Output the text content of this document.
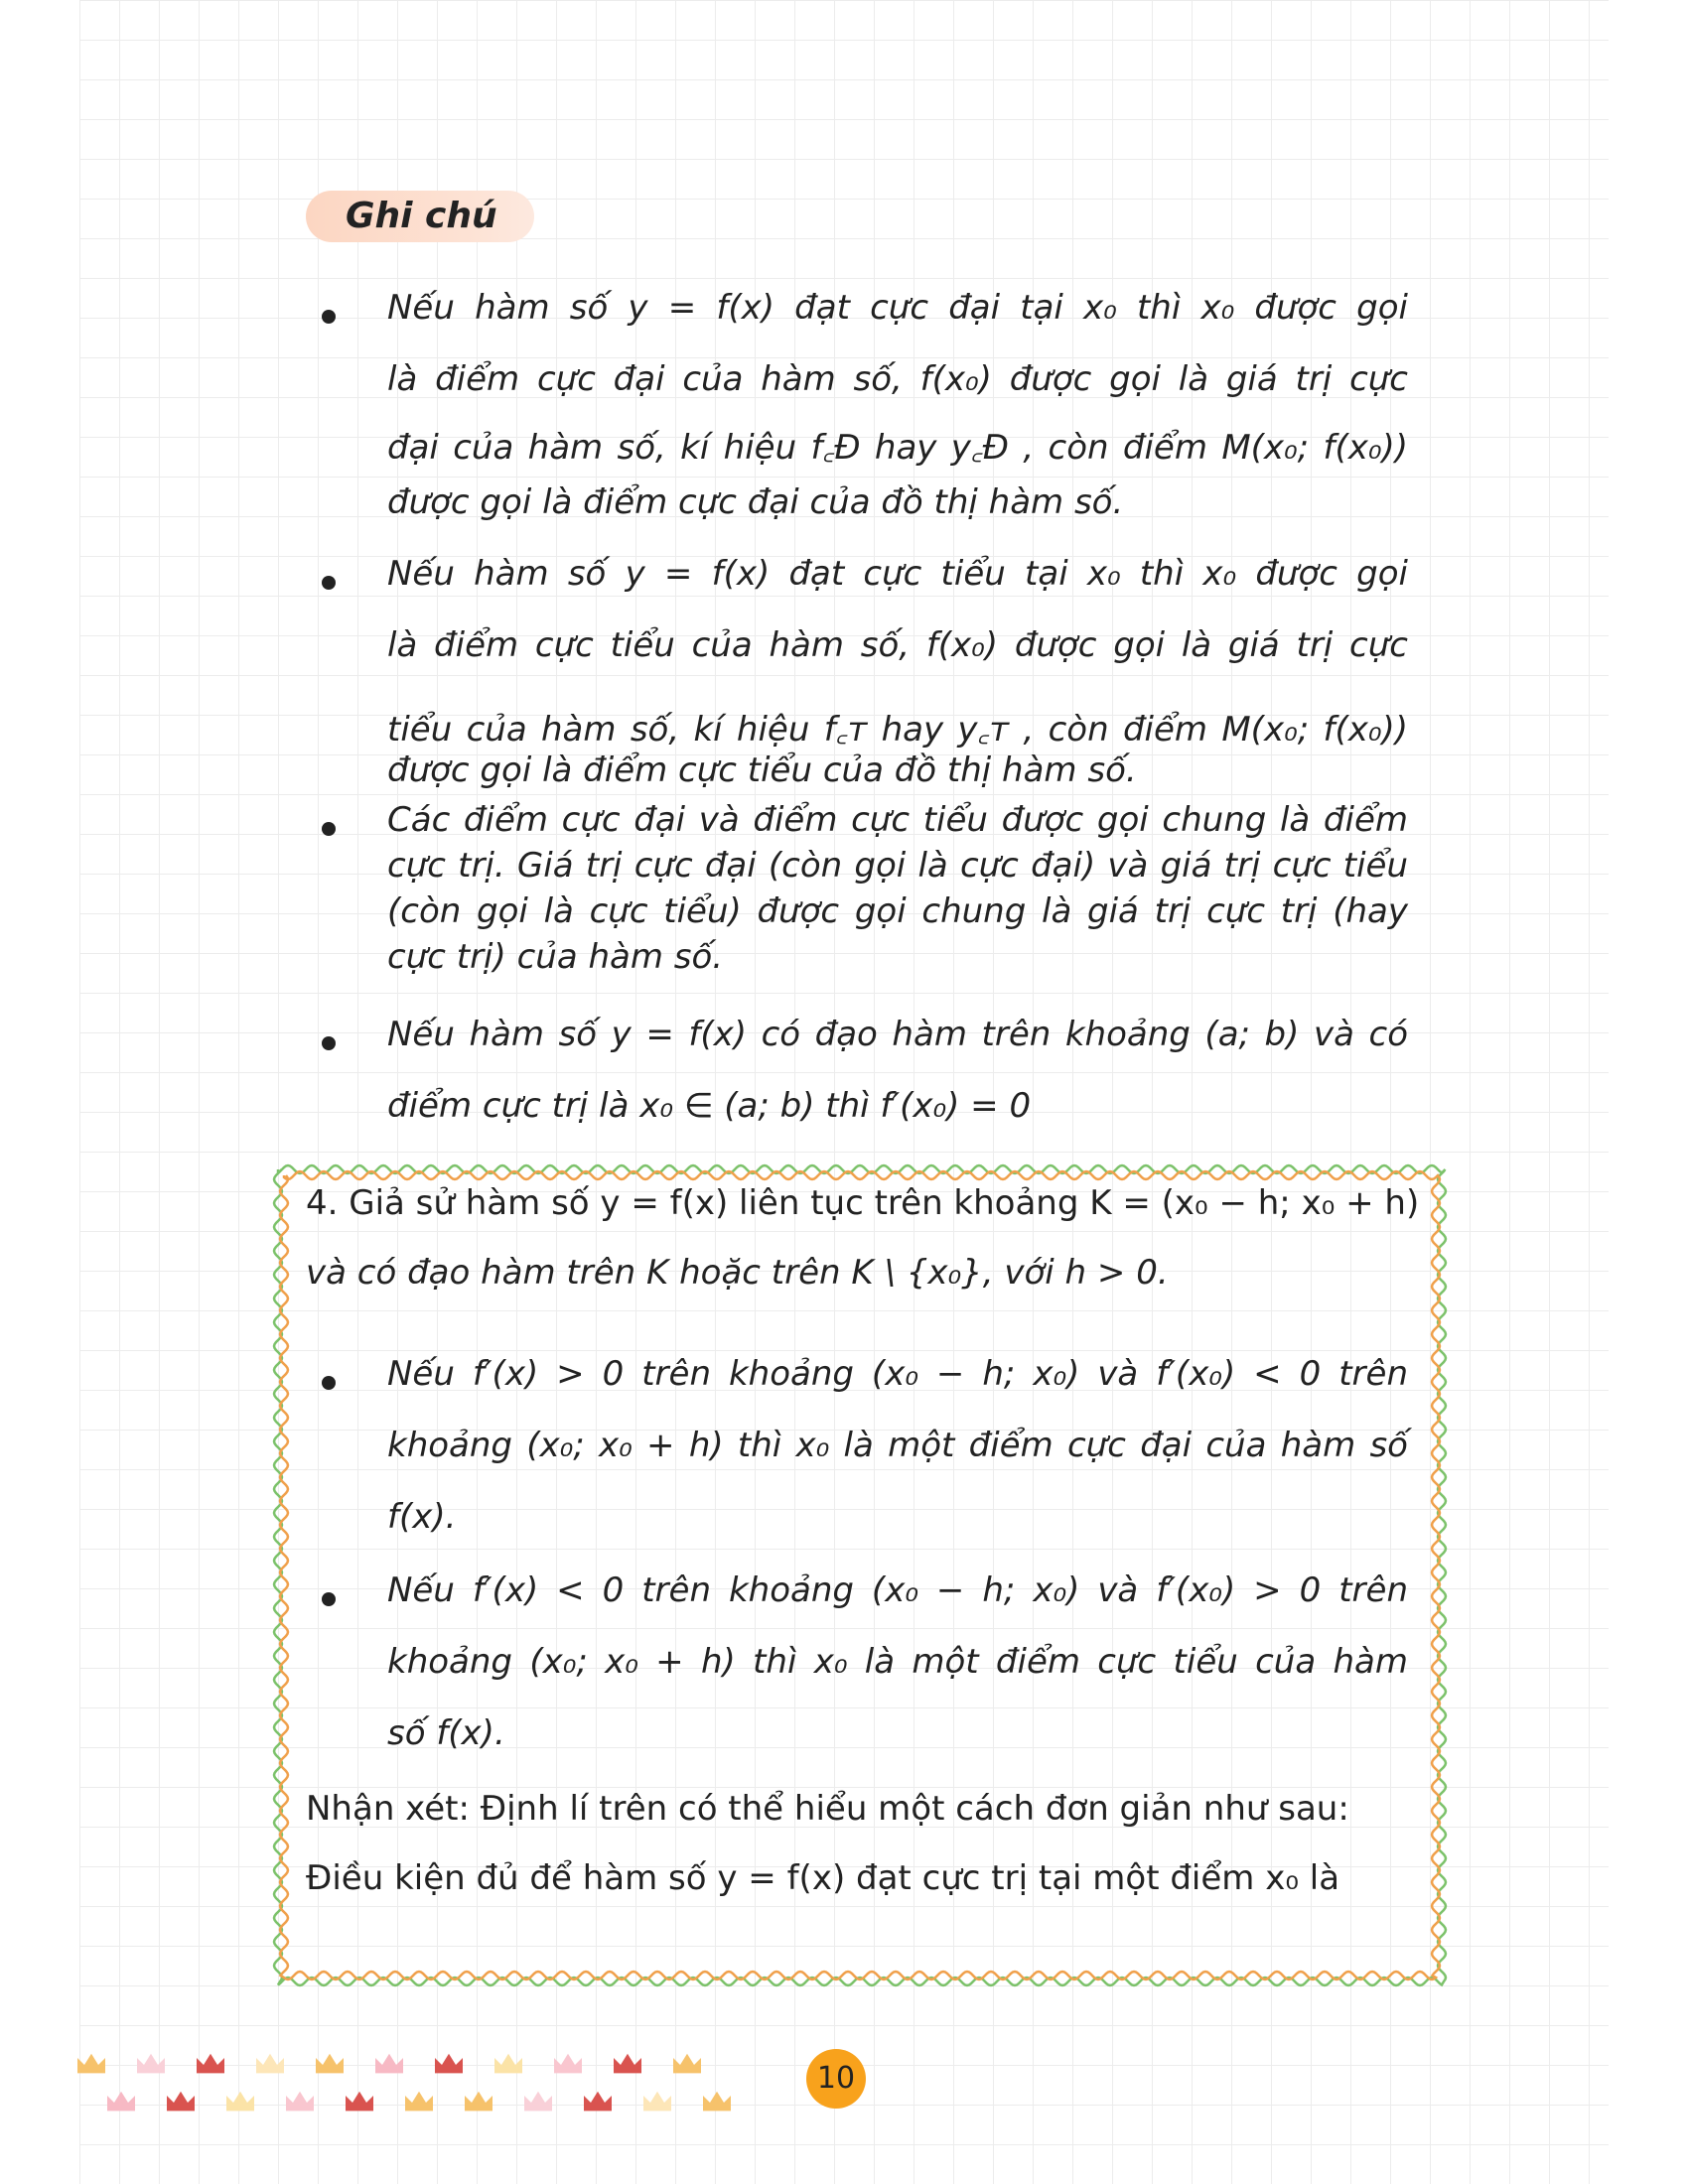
Ghi chú
Nếu hàm số y = f(x) đạt cực đại tại x₀ thì x₀ được gọi
là điểm cực đại của hàm số, f(x₀) được gọi là giá trị cực
đại của hàm số, kí hiệu f꜀Đ hay y꜀Đ , còn điểm M(x₀; f(x₀))
được gọi là điểm cực đại của đồ thị hàm số.
Nếu hàm số y = f(x) đạt cực tiểu tại x₀ thì x₀ được gọi
là điểm cực tiểu của hàm số, f(x₀) được gọi là giá trị cực
tiểu của hàm số, kí hiệu f꜀ᴛ hay y꜀ᴛ , còn điểm M(x₀; f(x₀))
được gọi là điểm cực tiểu của đồ thị hàm số.
Các điểm cực đại và điểm cực tiểu được gọi chung là điểm
cực trị. Giá trị cực đại (còn gọi là cực đại) và giá trị cực tiểu
(còn gọi là cực tiểu) được gọi chung là giá trị cực trị (hay
cực trị) của hàm số.
Nếu hàm số y = f(x) có đạo hàm trên khoảng (a; b) và có
điểm cực trị là x₀ ∈ (a; b) thì f′(x₀) = 0
4. Giả sử hàm số y = f(x) liên tục trên khoảng K = (x₀ − h; x₀ + h)
và có đạo hàm trên K hoặc trên K \ {x₀}, với h > 0.
Nếu f′(x) > 0 trên khoảng (x₀ − h; x₀) và f′(x₀) < 0 trên
khoảng (x₀; x₀ + h) thì x₀ là một điểm cực đại của hàm số
f(x).
Nếu f′(x) < 0 trên khoảng (x₀ − h; x₀) và f′(x₀) > 0 trên
khoảng (x₀; x₀ + h) thì x₀ là một điểm cực tiểu của hàm
số f(x).
Nhận xét: Định lí trên có thể hiểu một cách đơn giản như sau:
Điều kiện đủ để hàm số y = f(x) đạt cực trị tại một điểm x₀ là
10
